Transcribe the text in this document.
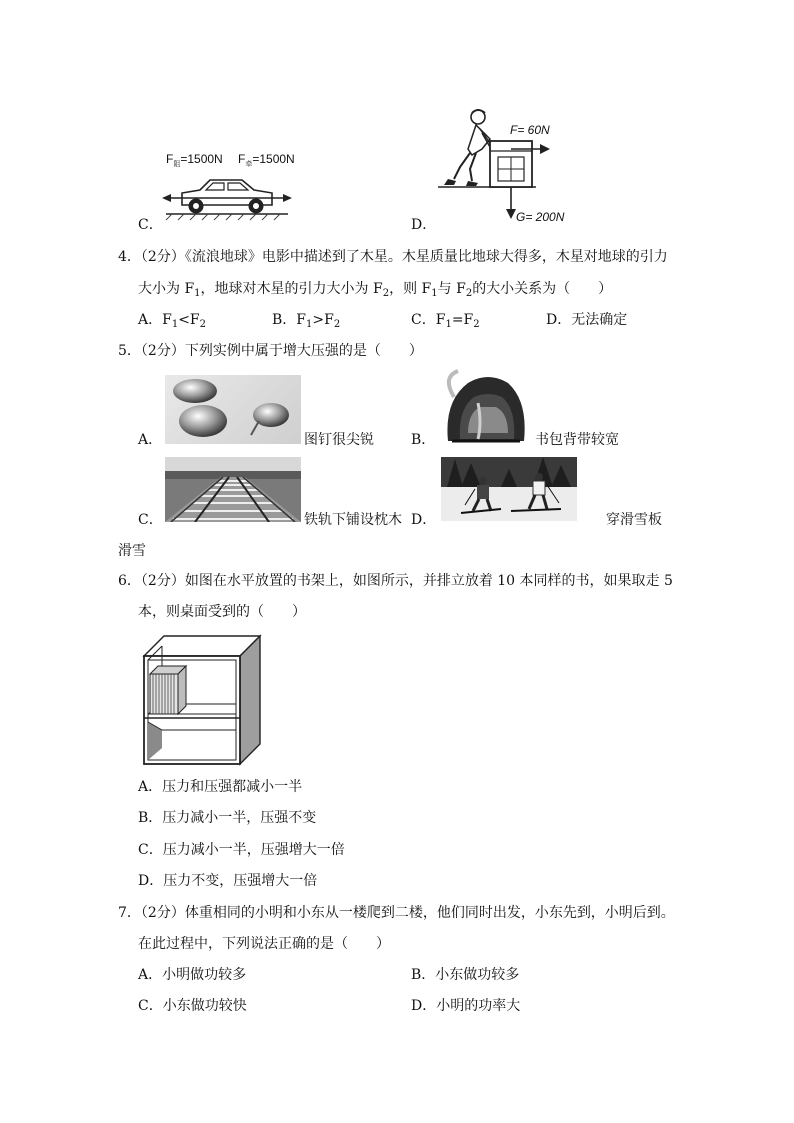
$F_阻=1500N$ $F_牵=1500N$
C．
F= 60N
G= 200N
D．
4．（2分）《流浪地球》电影中描述到了木星。木星质量比地球大得多，木星对地球的引力
大小为 $F_1$，地球对木星的引力大小为 $F_2$，则 $F_1$与 $F_2$的大小关系为（　　）
A．$F_1<F_2$	B．$F_1>F_2$	C．$F_1=F_2$	D．无法确定
5．（2分）下列实例中属于增大压强的是（　　）
A．	图钉很尖锐	B．	书包背带较宽
C．	铁轨下铺设枕木 D．	穿滑雪板
滑雪
6．（2分）如图在水平放置的书架上，如图所示，并排立放着 10 本同样的书，如果取走 5
本，则桌面受到的（　　）
A．压力和压强都减小一半
B．压力减小一半，压强不变
C．压力减小一半，压强增大一倍
D．压力不变，压强增大一倍
7．（2分）体重相同的小明和小东从一楼爬到二楼，他们同时出发，小东先到，小明后到。
在此过程中，下列说法正确的是（　　）
A．小明做功较多	B．小东做功较多
C．小东做功较快	D．小明的功率大
